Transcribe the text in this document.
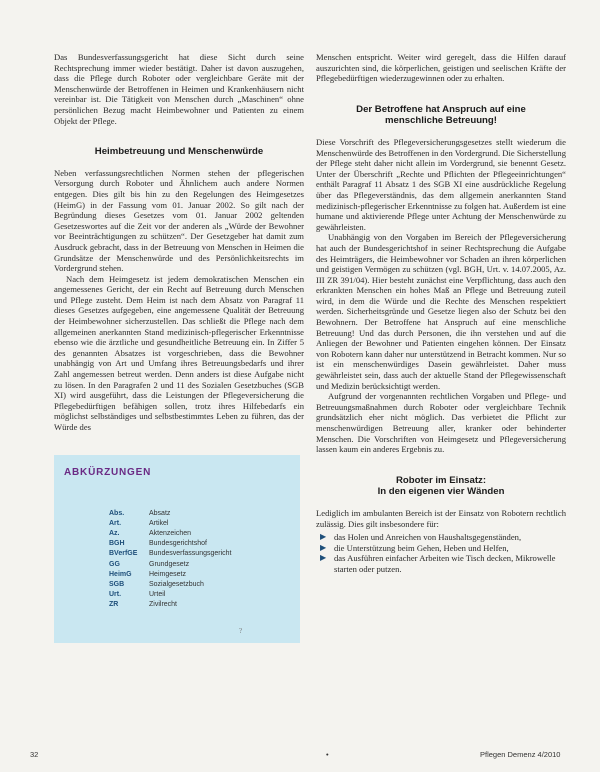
Das Bundesverfassungsgericht hat diese Sicht durch seine Rechtsprechung immer wieder bestätigt. Daher ist davon auszugehen, dass die Pflege durch Roboter oder vergleichbare Geräte mit der Menschenwürde der Betroffenen in Heimen und Krankenhäusern nicht vereinbar ist. Die Tätigkeit von Menschen durch „Maschinen“ ohne persönlichen Bezug macht Heimbewohner und Patienten zu einem Objekt der Pflege.

Heimbetreuung und Menschenwürde

Neben verfassungsrechtlichen Normen stehen der pflegerischen Versorgung durch Roboter und Ähnlichem auch andere Normen entgegen. Dies gilt bis hin zu den Regelungen des Heimgesetzes (HeimG) in der Fassung vom 01. Januar 2002. So gilt nach der Begründung dieses Gesetzes vom 01. Januar 2002 geltenden Gesetzeswortes auf die Zeit vor der anderen als „Würde der Bewohner vor Beeinträchtigungen zu schützen“. Der Gesetzgeber hat damit zum Ausdruck gebracht, dass in der Betreuung von Menschen in Heimen die Grundsätze der Menschenwürde und des Persönlichkeitsrechts im Vordergrund stehen.

Nach dem Heimgesetz ist jedem demokratischen Menschen ein angemessenes Gericht, der ein Recht auf Betreuung durch Menschen und Pflege zusteht. Dem Heim ist nach dem Absatz von Paragraf 11 dieses Gesetzes aufgegeben, eine angemessene Qualität der Betreuung der Heimbewohner sicherzustellen. Das schließt die Pflege nach dem allgemeinen anerkannten Stand medizinisch-pflegerischer Erkenntnisse ebenso wie die ärztliche und gesundheitliche Betreuung ein. In Ziffer 5 des genannten Absatzes ist vorgeschrieben, dass die Bewohner unabhängig von Art und Umfang ihres Betreuungsbedarfs und ihrer Zahl angemessen betreut werden. Denn anders ist diese Aufgabe nicht zu lösen. In den Paragrafen 2 und 11 des Sozialen Gesetzbuches (SGB XI) wird ausgeführt, dass die Leistungen der Pflegeversicherung die Pflegebedürftigen befähigen sollen, trotz ihres Hilfebedarfs ein möglichst selbständiges und selbstbestimmtes Leben zu führen, das der Würde des

ABKÜRZUNGEN
Abs.	Absatz
Art.	Artikel
Az.	Aktenzeichen
BGH	Bundesgerichtshof
BVerfGE	Bundesverfassungsgericht
GG	Grundgesetz
HeimG	Heimgesetz
SGB	Sozialgesetzbuch
Urt.	Urteil
ZR	Zivilrecht
?

Menschen entspricht. Weiter wird geregelt, dass die Hilfen darauf auszurichten sind, die körperlichen, geistigen und seelischen Kräfte der Pflegebedürftigen wiederzugewinnen oder zu erhalten.

Der Betroffene hat Anspruch auf eine
menschliche Betreuung!

Diese Vorschrift des Pflegeversicherungsgesetzes stellt wiederum die Menschenwürde des Betroffenen in den Vordergrund. Die Sicherstellung der Pflege steht daher nicht allein im Vordergrund, sie benennt Gesetz. Unter der Überschrift „Rechte und Pflichten der Pflegeeinrichtungen“ enthält Paragraf 11 Absatz 1 des SGB XI eine ausdrückliche Regelung über das Pflegeverständnis, das dem allgemein anerkannten Stand medizinisch-pflegerischer Erkenntnisse zu folgen hat. Außerdem ist eine humane und aktivierende Pflege unter Achtung der Menschenwürde zu gewährleisten.

Unabhängig von den Vorgaben im Bereich der Pflegeversicherung hat auch der Bundesgerichtshof in seiner Rechtsprechung die Aufgabe des Heimträgers, die Heimbewohner vor Schaden an ihren körperlichen und geistigen Vermögen zu schützen (vgl. BGH, Urt. v. 14.07.2005, Az. III ZR 391/04). Hier besteht zunächst eine Verpflichtung, dass auch den erkrankten Menschen ein hohes Maß an Pflege und Betreuung zuteil wird, in dem die Würde und die Rechte des Menschen respektiert werden. Sicherheitsgründe und Gesetze liegen also der Schutz bei den Bewohnern. Der Betroffene hat Anspruch auf eine menschliche Betreuung! Und das durch Personen, die ihn verstehen und auf die Anliegen der Bewohner und Patienten eingehen können. Der Einsatz von Robotern kann daher nur unterstützend in Betracht kommen. Nur so ist ein menschenwürdiges Dasein gewährleistet. Daher muss gewährleistet sein, dass auch der aktuelle Stand der Pflegewissenschaft und Medizin berücksichtigt werden.

Aufgrund der vorgenannten rechtlichen Vorgaben und Pflege- und Betreuungsmaßnahmen durch Roboter oder vergleichbare Technik grundsätzlich eher nicht möglich. Das verbietet die Pflicht zur menschenwürdigen Betreuung aller, kranker oder behinderter Menschen. Die Vorschriften von Heimgesetz und Pflegeversicherung lassen kaum ein anderes Ergebnis zu.

Roboter im Einsatz:
In den eigenen vier Wänden

Lediglich im ambulanten Bereich ist der Einsatz von Robotern rechtlich zulässig. Dies gilt insbesondere für:

▶ das Holen und Anreichen von Haushaltsgegenständen,
▶ die Unterstützung beim Gehen, Heben und Helfen,
▶ das Ausführen einfacher Arbeiten wie Tisch decken, Mikrowelle starten oder putzen.
32	•	Pflegen Demenz 4/2010
